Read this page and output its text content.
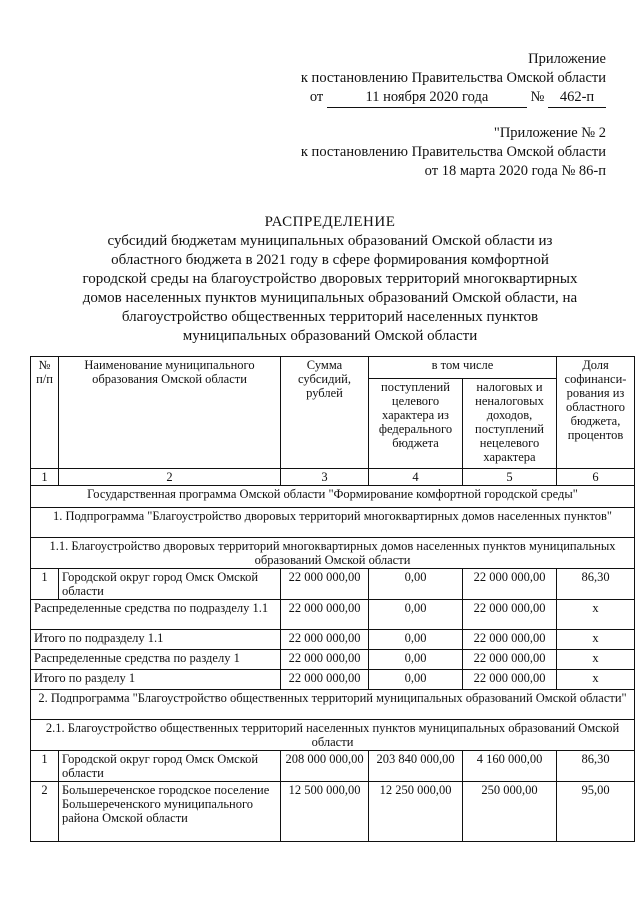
Приложение
к постановлению Правительства Омской области
от	11 ноября 2020 года	№ 462-п
"Приложение № 2
к постановлению Правительства Омской области
от 18 марта 2020 года № 86-п
РАСПРЕДЕЛЕНИЕ
субсидий бюджетам муниципальных образований Омской области из
областного бюджета в 2021 году в сфере формирования комфортной
городской среды на благоустройство дворовых территорий многоквартирных
домов населенных пунктов муниципальных образований Омской области, на
благоустройство общественных территорий населенных пунктов
муниципальных образований Омской области
№ п/п	Наименование муниципального образования Омской области	Сумма субсидий, рублей	в том числе		Доля софинанси-рования из областного бюджета, процентов
			поступлений целевого характера из федерального бюджета	налоговых и неналоговых доходов, поступлений нецелевого характера	
1	2	3	4	5	6
Государственная программа Омской области "Формирование комфортной городской среды"					
1. Подпрограмма "Благоустройство дворовых территорий многоквартирных домов населенных пунктов"					
1.1. Благоустройство дворовых территорий многоквартирных домов населенных пунктов муниципальных образований Омской области					
1	Городской округ город Омск Омской области	22 000 000,00	0,00	22 000 000,00	86,30
Распределенные средства по подразделу 1.1		22 000 000,00	0,00	22 000 000,00	х
Итого по подразделу 1.1		22 000 000,00	0,00	22 000 000,00	х
Распределенные средства по разделу 1		22 000 000,00	0,00	22 000 000,00	х
Итого по разделу 1		22 000 000,00	0,00	22 000 000,00	х
2. Подпрограмма "Благоустройство общественных территорий муниципальных образований Омской области"					
2.1. Благоустройство общественных территорий населенных пунктов муниципальных образований Омской области					
1	Городской округ город Омск Омской области	208 000 000,00	203 840 000,00	4 160 000,00	86,30
2	Большереченское городское поселение Большереченского муниципального района Омской области	12 500 000,00	12 250 000,00	250 000,00	95,00
